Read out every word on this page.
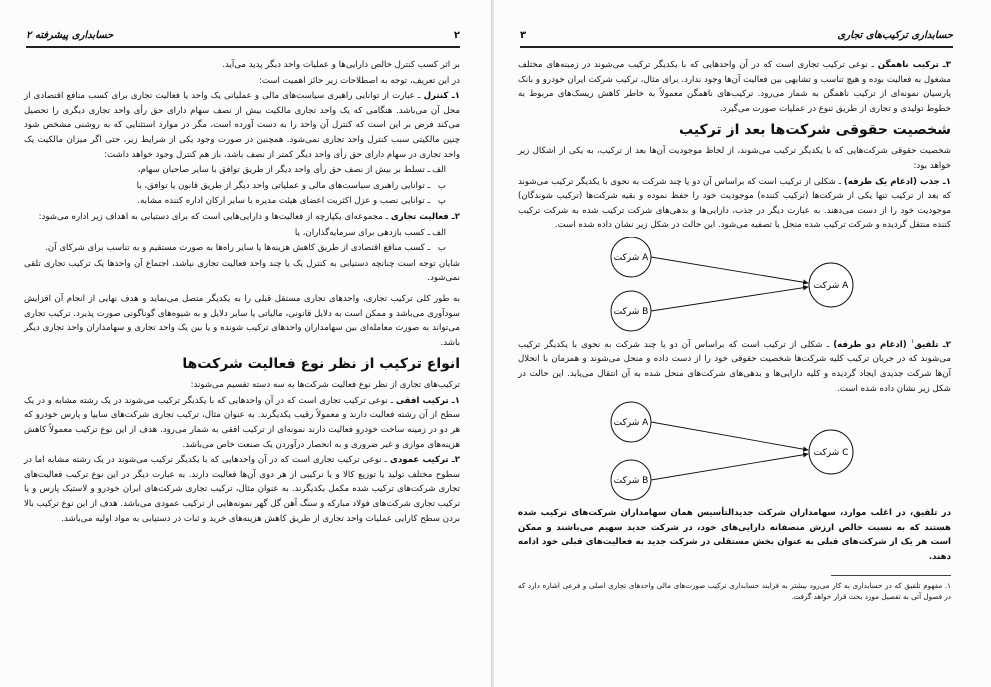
۲
حسابداری پیشرفته ۲

بر اثر کسب کنترل خالص دارایی‌ها و عملیات واحد دیگر پدید می‌آید.

در این تعریف، توجه به اصطلاحات زیر حائز اهمیت است:

۱ـ کنترل ـ عبارت از توانایی راهبری سیاست‌های مالی و عملیاتی یک واحد یا فعالیت تجاری برای کسب منافع اقتصادی از محل آن می‌باشد. هنگامی که یک واحد تجاری مالکیت بیش از نصف سهام دارای حق رأی واحد تجاری دیگری را تحصیل می‌کند فرض بر این است که کنترل آن واحد را به دست آورده است، مگر در موارد استثنایی که به روشنی مشخص شود چنین مالکیتی سبب کنترل واحد تجاری نمی‌شود. همچنین در صورت وجود یکی از شرایط زیر، حتی اگر میزان مالکیت یک واحد تجاری در سهام دارای حق رأی واحد دیگر کمتر از نصف باشد، باز هم کنترل وجود خواهد داشت:

الفـ تسلط بر بیش از نصف حق رأی واحد دیگر از طریق توافق با سایر صاحبان سهام،

بـ توانایی راهبری سیاست‌های مالی و عملیاتی واحد دیگر از طریق قانون یا توافق، یا

پـ توانایی نصب و عزل اکثریت اعضای هیئت مدیره یا سایر ارکان اداره کننده مشابه.

۲ـ فعالیت تجاری ـ مجموعه‌ای یکپارچه از فعالیت‌ها و دارایی‌هایی است که برای دستیابی به اهداف زیر اداره می‌شود:

الفـ کسب بازدهی برای سرمایه‌گذاران، یا

بـ کسب منافع اقتصادی از طریق کاهش هزینه‌ها یا سایر راه‌ها به صورت مستقیم و به تناسب برای شرکای آن.

شایان توجه است چنانچه دستیابی به کنترل یک یا چند واحد فعالیت تجاری نباشد، اجتماع آن واحدها یک ترکیب تجاری تلقی نمی‌شود.

به طور کلی ترکیب تجاری، واحدهای تجاری مستقل قبلی را به یکدیگر متصل می‌نماید و هدف نهایی از انجام آن افزایش سودآوری می‌باشد و ممکن است به دلایل قانونی، مالیاتی یا سایر دلایل و به شیوه‌های گوناگونی صورت پذیرد. ترکیب تجاری می‌تواند به صورت معامله‌ای بین سهامداران واحدهای ترکیب شونده و یا بین یک واحد تجاری و سهامداران واحد تجاری دیگر باشد.

انواع ترکیب از نظر نوع فعالیت شرکت‌ها

ترکیب‌های تجاری از نظر نوع فعالیت شرکت‌ها به سه دسته تقسیم می‌شوند:

۱ـ ترکیب افقی ـ نوعی ترکیب تجاری است که در آن واحدهایی که با یکدیگر ترکیب می‌شوند در یک رشته مشابه و در یک سطح از آن رشته فعالیت دارند و معمولاً رقیب یکدیگرند. به عنوان مثال، ترکیب تجاری شرکت‌های سایپا و پارس خودرو که هر دو در زمینه ساخت خودرو فعالیت دارند نمونه‌ای از ترکیب افقی به شمار می‌رود. هدف از این نوع ترکیب معمولاً کاهش هزینه‌های موازی و غیر ضروری و به انحصار درآوردن یک صنعت خاص می‌باشد.

۲ـ ترکیب عمودی ـ نوعی ترکیب تجاری است که در آن واحدهایی که با یکدیگر ترکیب می‌شوند در یک رشته مشابه اما در سطوح مختلف تولید یا توزیع کالا و یا ترکیبی از هر دوی آن‌ها فعالیت دارند. به عبارت دیگر در این نوع ترکیب فعالیت‌های تجاری شرکت‌های ترکیب شده مکمل یکدیگرند. به عنوان مثال، ترکیب تجاری شرکت‌های ایران خودرو و لاستیک پارس و یا ترکیب تجاری شرکت‌های فولاد مبارکه و سنگ آهن گل گهر نمونه‌هایی از ترکیب عمودی می‌باشد. هدف از این نوع ترکیب بالا بردن سطح کارایی عملیات واحد تجاری از طریق کاهش هزینه‌های خرید و ثبات در دستیابی به مواد اولیه می‌باشد.

۳	حسابداری ترکیب‌های تجاری

۳ـ ترکیب ناهمگن ـ نوعی ترکیب تجاری است که در آن واحدهایی که با یکدیگر ترکیب می‌شوند در زمینه‌های مختلف مشغول به فعالیت بوده و هیچ تناسب و تشابهی بین فعالیت آن‌ها وجود ندارد. برای مثال، ترکیب شرکت ایران خودرو و بانک پارسیان نمونه‌ای از ترکیب ناهمگن به شمار می‌رود. ترکیب‌های ناهمگن معمولاً به خاطر کاهش ریسک‌های مربوط به خطوط تولیدی و تجاری از طریق تنوع در عملیات صورت می‌گیرد.

شخصیت حقوقی شرکت‌ها بعد از ترکیب

شخصیت حقوقی شرکت‌هایی که با یکدیگر ترکیب می‌شوند، از لحاظ موجودیت آن‌ها بعد از ترکیب، به یکی از اشکال زیر خواهد بود:

۱ـ جذب (ادغام یک طرفه) ـ شکلی از ترکیب است که براساس آن دو یا چند شرکت به نحوی با یکدیگر ترکیب می‌شوند که بعد از ترکیب تنها یکی از شرکت‌ها (ترکیب کننده) موجودیت خود را حفظ نموده و بقیه شرکت‌ها (ترکیب شوندگان) موجودیت خود را از دست می‌دهند. به عبارت دیگر در جذب، دارایی‌ها و بدهی‌های شرکت ترکیب شده به شرکت ترکیب کننده منتقل گردیده و شرکت ترکیب شده منحل یا تصفیه می‌شود. این حالت در شکل زیر نشان داده شده است.

شرکت A
شرکت B
شرکت A

۲ـ تلفیق$^۱$ (ادغام دو طرفه) ـ شکلی از ترکیب است که براساس آن دو یا چند شرکت به نحوی با یکدیگر ترکیب می‌شوند که در جریان ترکیب کلیه شرکت‌ها شخصیت حقوقی خود را از دست داده و منحل می‌شوند و همزمان با انحلال آن‌ها شرکت جدیدی ایجاد گردیده و کلیه دارایی‌ها و بدهی‌های شرکت‌های منحل شده به آن انتقال می‌یابد. این حالت در شکل زیر نشان داده شده است.

شرکت A
شرکت B
شرکت C

در تلفیق، در اغلب موارد، سهامداران شرکت جدیدالتأسیس همان سهامداران شرکت‌های ترکیب شده هستند که به نسبت خالص ارزش منصفانه دارایی‌های خود، در شرکت جدید سهیم می‌باشند و ممکن است هر یک از شرکت‌های قبلی به عنوان بخش مستقلی در شرکت جدید به فعالیت‌های قبلی خود ادامه دهند.

۱. مفهوم تلفیق که در حسابداری به کار می‌رود بیشتر به فرایند حسابداری ترکیب صورت‌های مالی واحدهای تجاری اصلی و فرعی اشاره دارد که در فصول آتی به تفصیل مورد بحث قرار خواهد گرفت.
